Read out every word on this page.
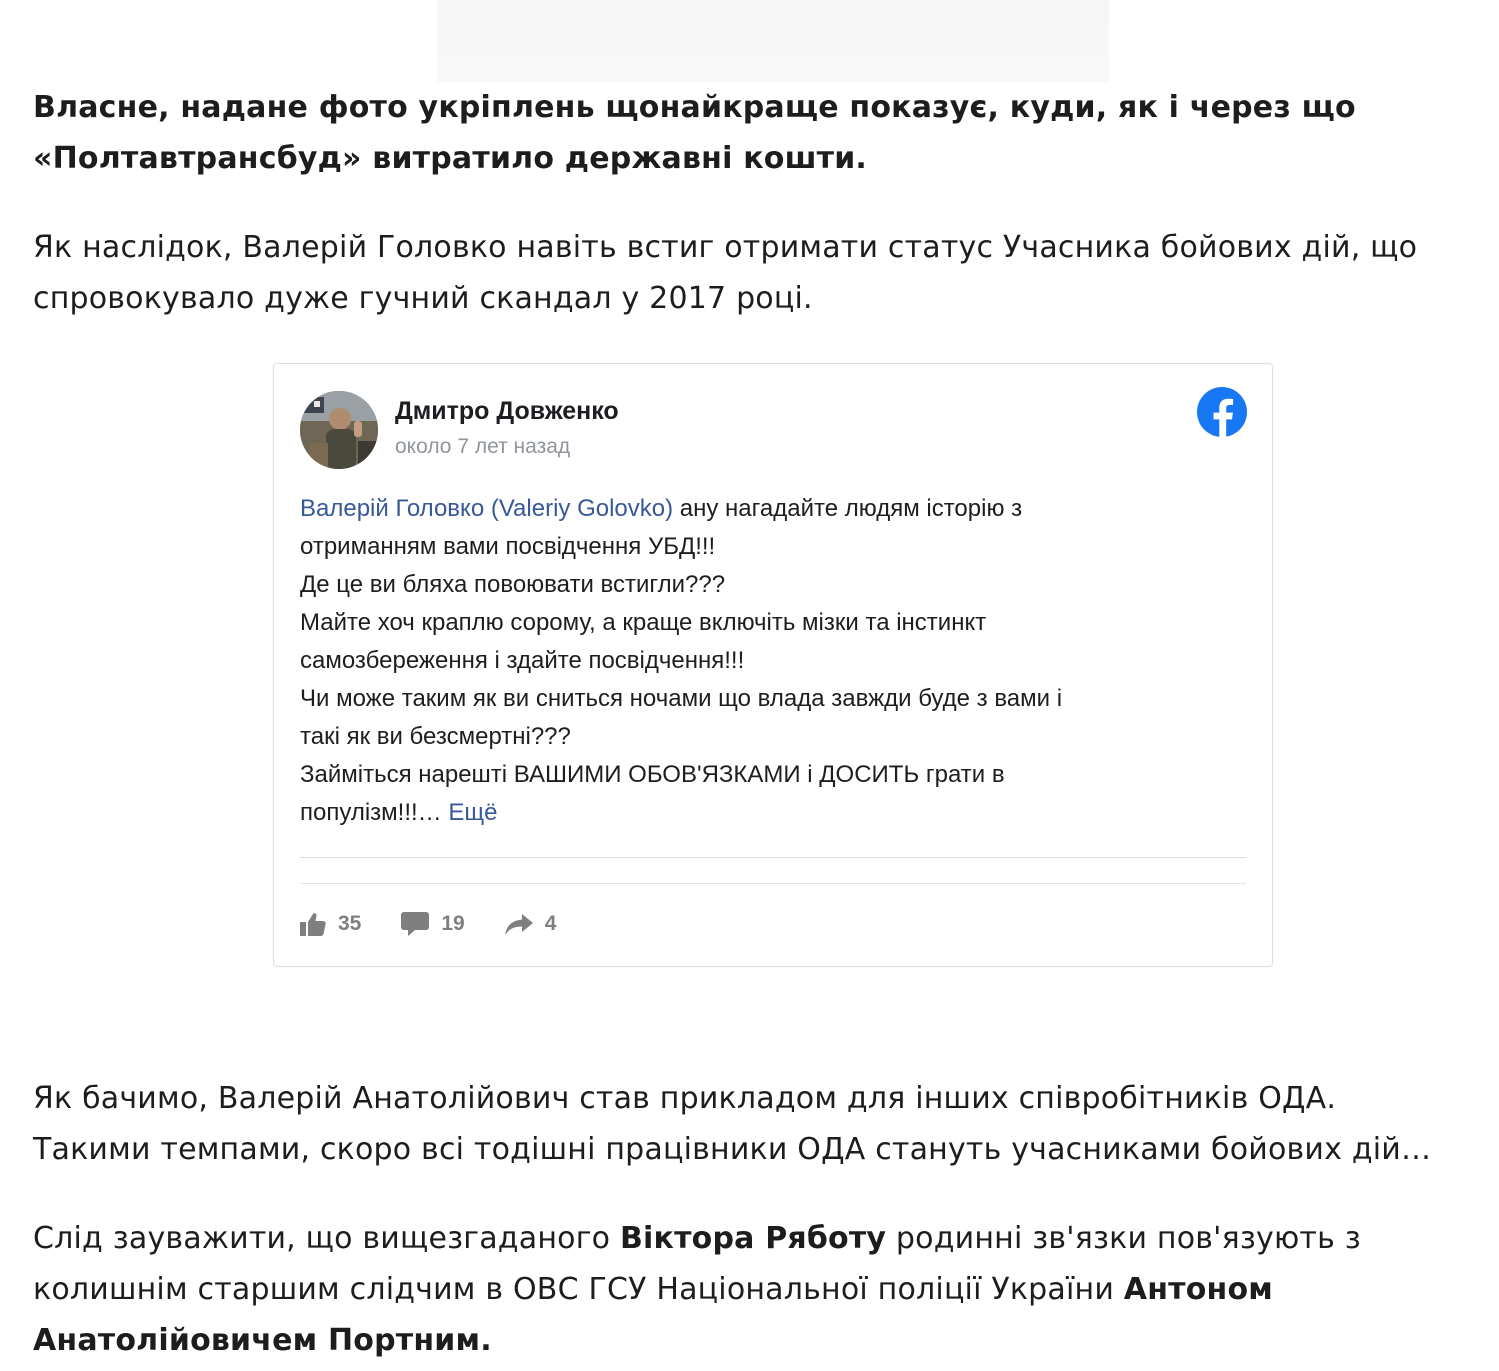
Власне, надане фото укріплень щонайкраще показує, куди, як і через що
«Полтавтрансбуд» витратило державні кошти.

Як наслідок, Валерій Головко навіть встиг отримати статус Учасника бойових дій, що
спровокувало дуже гучний скандал у 2017 році.

Дмитро Довженко
около 7 лет назад
Валерій Головко (Valeriy Golovko) ану нагадайте людям історію з
отриманням вами посвідчення УБД!!!
Де це ви бляха повоювати встигли???
Майте хоч краплю сорому, а краще включіть мізки та інстинкт
самозбереження і здайте посвідчення!!!
Чи може таким як ви сниться ночами що влада завжди буде з вами і
такі як ви безсмертні???
Займіться нарешті ВАШИМИ ОБОВ'ЯЗКАМИ і ДОСИТЬ грати в
популізм!!!… Ещё
35	19	4

Як бачимо, Валерій Анатолійович став прикладом для інших співробітників ОДА.
Такими темпами, скоро всі тодішні працівники ОДА стануть учасниками бойових дій…

Слід зауважити, що вищезгаданого Віктора Ряботу родинні зв'язки пов'язують з
колишнім старшим слідчим в ОВС ГСУ Національної поліції України Антоном
Анатолійовичем Портним.
